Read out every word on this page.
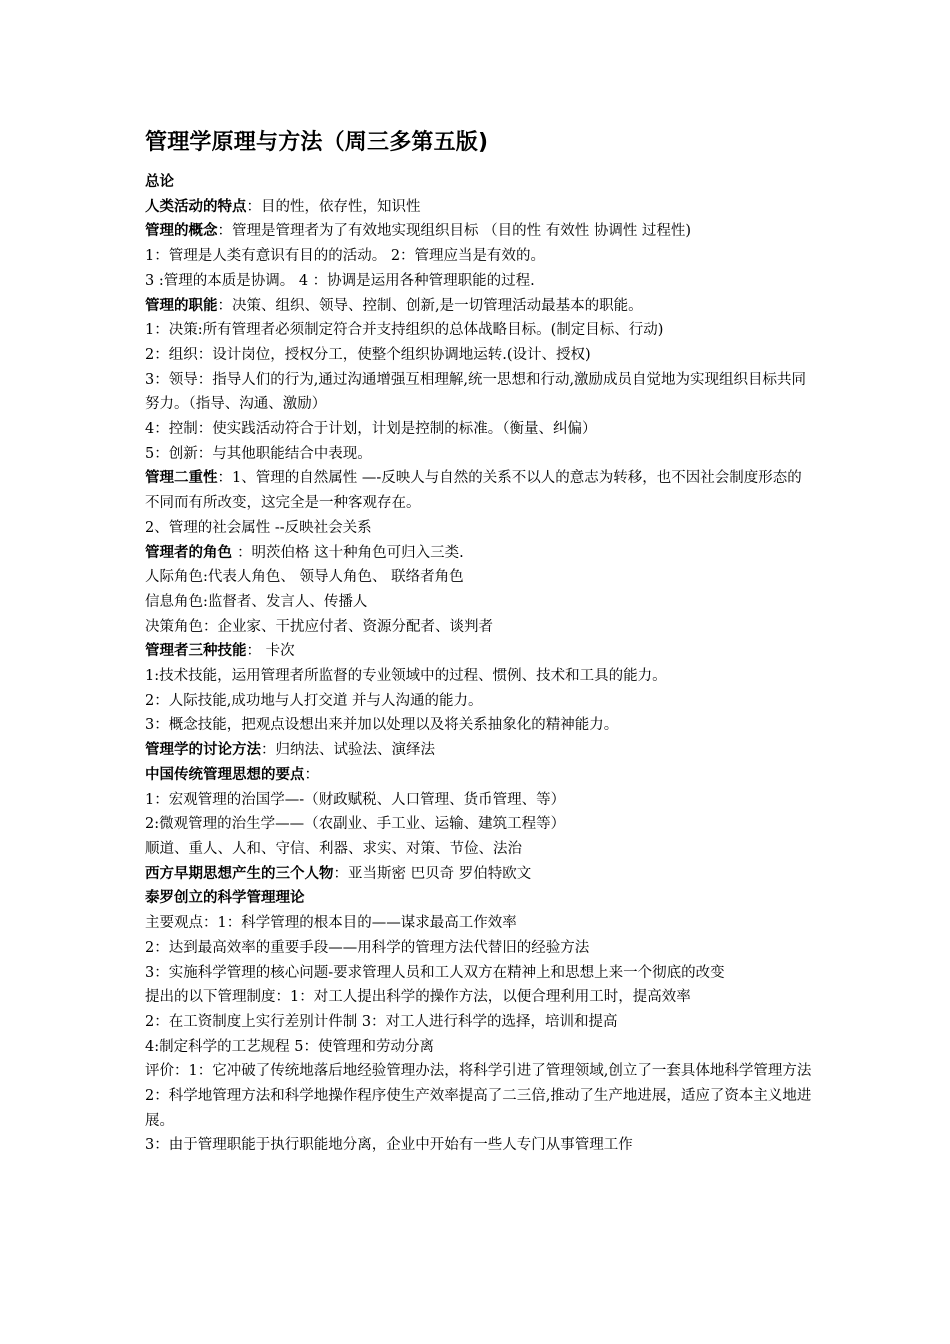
管理学原理与方法（周三多第五版)
总论
人类活动的特点：目的性，依存性，知识性
管理的概念：管理是管理者为了有效地实现组织目标 （目的性 有效性 协调性 过程性)
1：管理是人类有意识有目的的活动。 2：管理应当是有效的。
3 :管理的本质是协调。 4 ：协调是运用各种管理职能的过程.
管理的职能：决策、组织、领导、控制、创新,是一切管理活动最基本的职能。
1：决策:所有管理者必须制定符合并支持组织的总体战略目标。(制定目标、行动)
2：组织：设计岗位，授权分工，使整个组织协调地运转.(设计、授权)
3：领导：指导人们的行为,通过沟通增强互相理解,统一思想和行动,激励成员自觉地为实现组织目标共同努力。（指导、沟通、激励）
4：控制：使实践活动符合于计划，计划是控制的标准。（衡量、纠偏）
5：创新：与其他职能结合中表现。
管理二重性：1、管理的自然属性 —-反映人与自然的关系不以人的意志为转移，也不因社会制度形态的不同而有所改变，这完全是一种客观存在。
2、管理的社会属性 --反映社会关系
管理者的角色 ：明茨伯格 这十种角色可归入三类.
人际角色:代表人角色、 领导人角色、 联络者角色
信息角色:监督者、发言人、传播人
决策角色：企业家、干扰应付者、资源分配者、谈判者
管理者三种技能： 卡次
1:技术技能，运用管理者所监督的专业领域中的过程、惯例、技术和工具的能力。
2：人际技能,成功地与人打交道 并与人沟通的能力。
3：概念技能，把观点设想出来并加以处理以及将关系抽象化的精神能力。
管理学的讨论方法：归纳法、试验法、演绎法
中国传统管理思想的要点：
1：宏观管理的治国学—-（财政赋税、人口管理、货币管理、等）
2:微观管理的治生学——（农副业、手工业、运输、建筑工程等）
顺道、重人、人和、守信、利器、求实、对策、节俭、法治
西方早期思想产生的三个人物：亚当斯密 巴贝奇 罗伯特欧文
泰罗创立的科学管理理论
主要观点：1：科学管理的根本目的——谋求最高工作效率
2：达到最高效率的重要手段——用科学的管理方法代替旧的经验方法
3：实施科学管理的核心问题-要求管理人员和工人双方在精神上和思想上来一个彻底的改变
提出的以下管理制度：1：对工人提出科学的操作方法，以便合理利用工时，提高效率
2：在工资制度上实行差别计件制 3：对工人进行科学的选择，培训和提高
4:制定科学的工艺规程 5：使管理和劳动分离
评价：1：它冲破了传统地落后地经验管理办法，将科学引进了管理领域,创立了一套具体地科学管理方法
2：科学地管理方法和科学地操作程序使生产效率提高了二三倍,推动了生产地进展，适应了资本主义地进展。
3：由于管理职能于执行职能地分离，企业中开始有一些人专门从事管理工作
